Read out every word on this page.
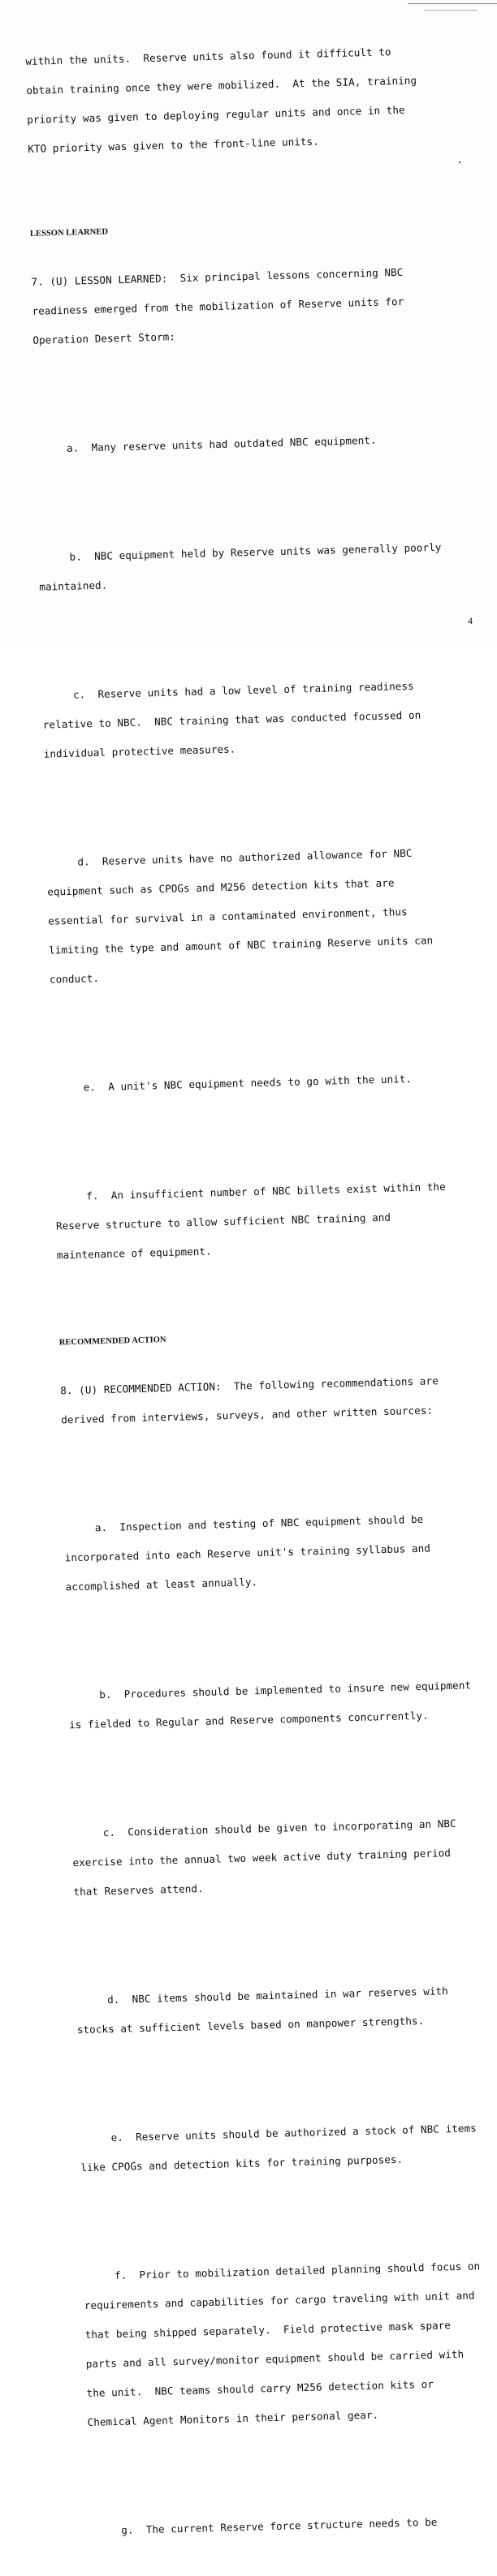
within the units.  Reserve units also found it difficult to

obtain training once they were mobilized.  At the SIA, training

priority was given to deploying regular units and once in the

KTO priority was given to the front-line units.

LESSON LEARNED

7. (U) LESSON LEARNED:  Six principal lessons concerning NBC

readiness emerged from the mobilization of Reserve units for

Operation Desert Storm:

a.  Many reserve units had outdated NBC equipment.

b.  NBC equipment held by Reserve units was generally poorly

maintained.

c.  Reserve units had a low level of training readiness

relative to NBC.  NBC training that was conducted focussed on

individual protective measures.

d.  Reserve units have no authorized allowance for NBC

equipment such as CPOGs and M256 detection kits that are

essential for survival in a contaminated environment, thus

limiting the type and amount of NBC training Reserve units can

conduct.

e.  A unit's NBC equipment needs to go with the unit.

f.  An insufficient number of NBC billets exist within the

Reserve structure to allow sufficient NBC training and

maintenance of equipment.

RECOMMENDED ACTION

8. (U) RECOMMENDED ACTION:  The following recommendations are

derived from interviews, surveys, and other written sources:

a.  Inspection and testing of NBC equipment should be

incorporated into each Reserve unit's training syllabus and

accomplished at least annually.

b.  Procedures should be implemented to insure new equipment

is fielded to Regular and Reserve components concurrently.

c.  Consideration should be given to incorporating an NBC

exercise into the annual two week active duty training period

that Reserves attend.

d.  NBC items should be maintained in war reserves with

stocks at sufficient levels based on manpower strengths.

e.  Reserve units should be authorized a stock of NBC items

like CPOGs and detection kits for training purposes.

f.  Prior to mobilization detailed planning should focus on

requirements and capabilities for cargo traveling with unit and

that being shipped separately.  Field protective mask spare

parts and all survey/monitor equipment should be carried with

the unit.  NBC teams should carry M256 detection kits or

Chemical Agent Monitors in their personal gear.

g.  The current Reserve force structure needs to be

4
